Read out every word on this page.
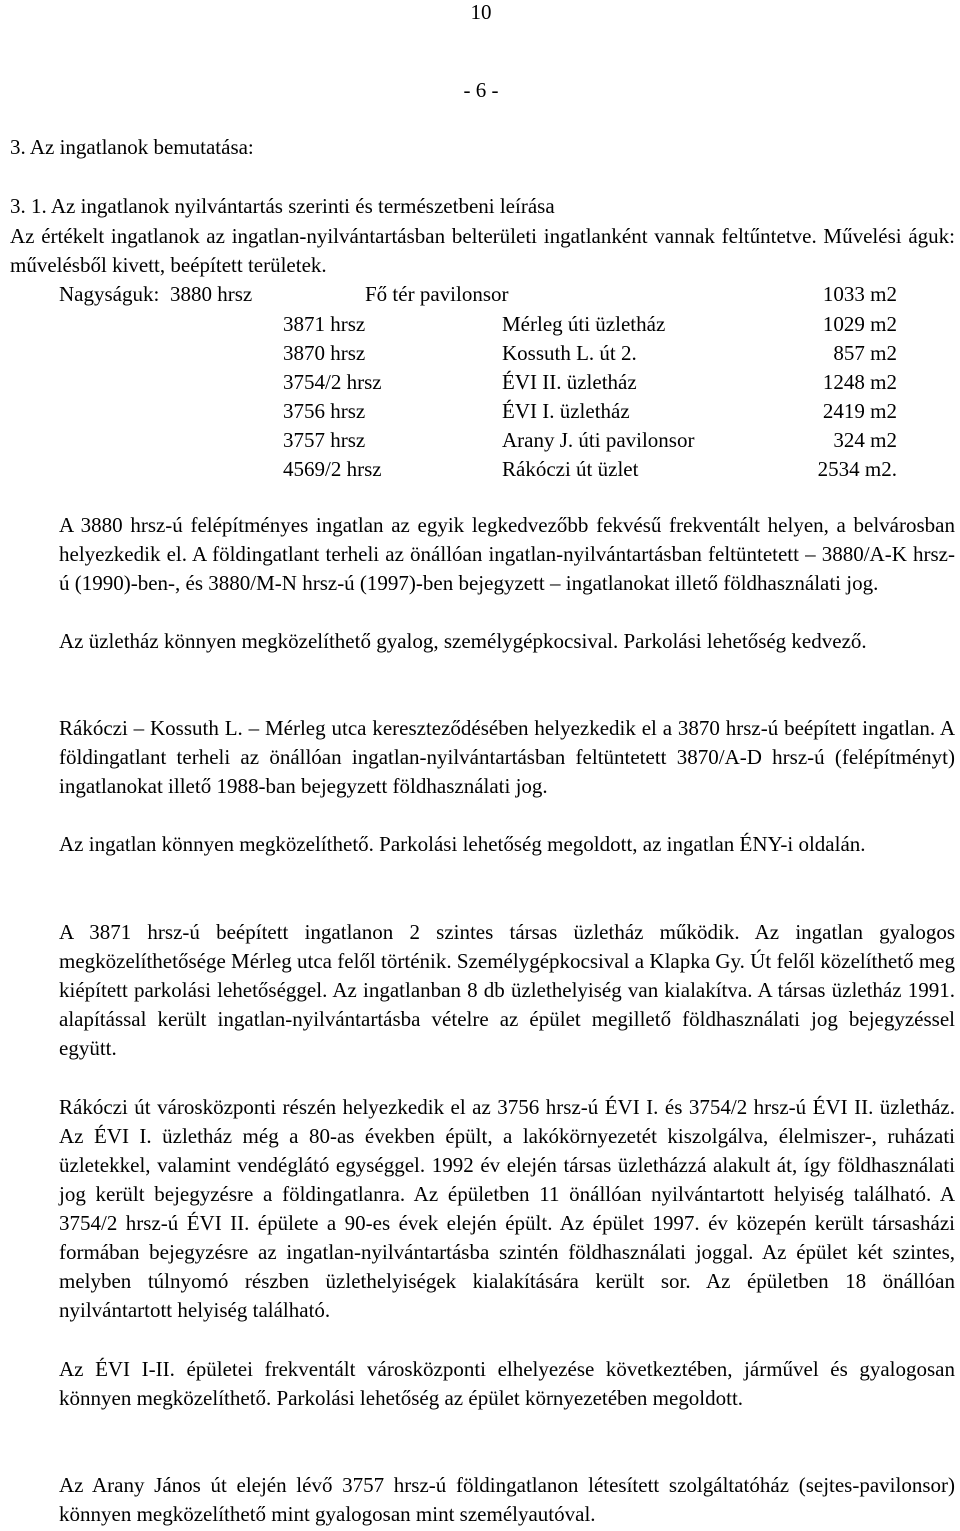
10
- 6 -
3. Az ingatlanok bemutatása:
3. 1. Az ingatlanok nyilvántartás szerinti és természetbeni leírása
Az értékelt ingatlanok az ingatlan-nyilvántartásban belterületi ingatlanként vannak feltűntetve. Művelési águk: művelésből kivett, beépített területek.
Nagyságuk: 3880 hrsz	Fő tér pavilonsor	1033 m2
3871 hrsz	Mérleg úti üzletház	1029 m2
3870 hrsz	Kossuth L. út 2.	857 m2
3754/2 hrsz	ÉVI II. üzletház	1248 m2
3756 hrsz	ÉVI I. üzletház	2419 m2
3757 hrsz	Arany J. úti pavilonsor	324 m2
4569/2 hrsz	Rákóczi út üzlet	2534 m2.
A 3880 hrsz-ú felépítményes ingatlan az egyik legkedvezőbb fekvésű frekventált helyen, a belvárosban helyezkedik el. A földingatlant terheli az önállóan ingatlan-nyilvántartásban feltüntetett – 3880/A-K hrsz-ú (1990)-ben-, és 3880/M-N hrsz-ú (1997)-ben bejegyzett – ingatlanokat illető földhasználati jog.
Az üzletház könnyen megközelíthető gyalog, személygépkocsival. Parkolási lehetőség kedvező.
Rákóczi – Kossuth L. – Mérleg utca kereszteződésében helyezkedik el a 3870 hrsz-ú beépített ingatlan. A földingatlant terheli az önállóan ingatlan-nyilvántartásban feltüntetett 3870/A-D hrsz-ú (felépítményt) ingatlanokat illető 1988-ban bejegyzett földhasználati jog.
Az ingatlan könnyen megközelíthető. Parkolási lehetőség megoldott, az ingatlan ÉNY-i oldalán.
A 3871 hrsz-ú beépített ingatlanon 2 szintes társas üzletház működik. Az ingatlan gyalogos megközelíthetősége Mérleg utca felől történik. Személygépkocsival a Klapka Gy. Út felől közelíthető meg kiépített parkolási lehetőséggel. Az ingatlanban 8 db üzlethelyiség van kialakítva. A társas üzletház 1991. alapítással került ingatlan-nyilvántartásba vételre az épület megillető földhasználati jog bejegyzéssel együtt.
Rákóczi út városközponti részén helyezkedik el az 3756 hrsz-ú ÉVI I. és 3754/2 hrsz-ú ÉVI II. üzletház. Az ÉVI I. üzletház még a 80-as években épült, a lakókörnyezetét kiszolgálva, élelmiszer-, ruházati üzletekkel, valamint vendéglátó egységgel. 1992 év elején társas üzletházzá alakult át, így földhasználati jog került bejegyzésre a földingatlanra. Az épületben 11 önállóan nyilvántartott helyiség található. A 3754/2 hrsz-ú ÉVI II. épülete a 90-es évek elején épült. Az épület 1997. év közepén került társasházi formában bejegyzésre az ingatlan-nyilvántartásba szintén földhasználati joggal. Az épület két szintes, melyben túlnyomó részben üzlethelyiségek kialakítására került sor. Az épületben 18 önállóan nyilvántartott helyiség található.
Az ÉVI I-II. épületei frekventált városközponti elhelyezése következtében, járművel és gyalogosan könnyen megközelíthető. Parkolási lehetőség az épület környezetében megoldott.
Az Arany János út elején lévő 3757 hrsz-ú földingatlanon létesített szolgáltatóház (sejtes-pavilonsor) könnyen megközelíthető mint gyalogosan mint személyautóval.
